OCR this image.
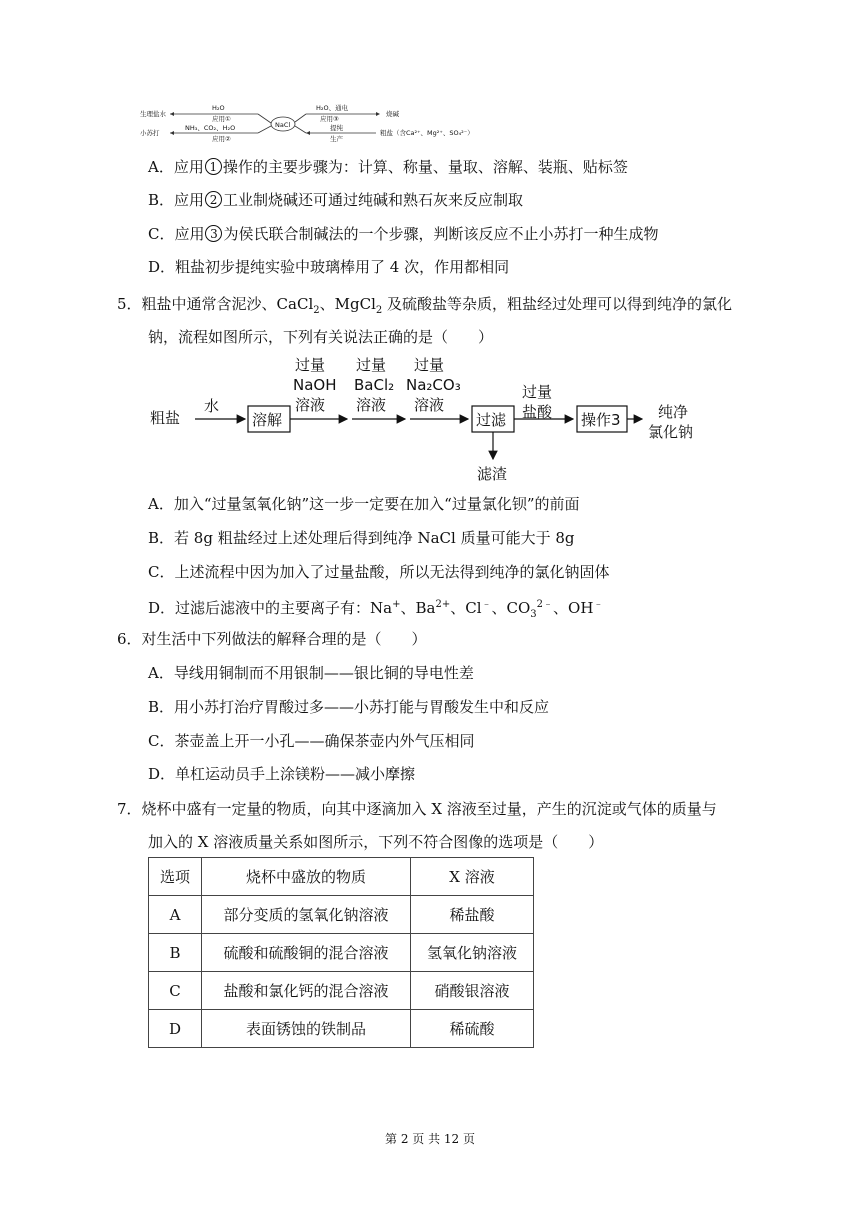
生理盐水
小苏打
H₂O
应用①
NH₃、CO₂、H₂O
应用②
NaCl
H₂O、通电
应用③
提纯
生产
烧碱
粗盐（含Ca²⁺、Mg²⁺、SO₄²⁻）
A．应用 1 操作的主要步骤为：计算、称量、量取、溶解、装瓶、贴标签
B．应用 2 工业制烧碱还可通过纯碱和熟石灰来反应制取
C．应用 3 为侯氏联合制碱法的一个步骤，判断该反应不止小苏打一种生成物
D．粗盐初步提纯实验中玻璃棒用了 4 次，作用都相同
5．粗盐中通常含泥沙、CaCl$_2$、MgCl$_2$ 及硫酸盐等杂质，粗盐经过处理可以得到纯净的氯化
钠，流程如图所示，下列有关说法正确的是（　　）
粗盐
水
溶解
过量
NaOH
溶液
过量
BaCl₂
溶液
过量
Na₂CO₃
溶液
过滤
滤渣
过量
盐酸 操作3 纯净
氯化钠
A．加入“过量氢氧化钠”这一步一定要在加入“过量氯化钡”的前面
B．若 8g 粗盐经过上述处理后得到纯净 NaCl 质量可能大于 8g
C．上述流程中因为加入了过量盐酸，所以无法得到纯净的氯化钠固体
D．过滤后滤液中的主要离子有：Na+、$Ba^{2+}$、Cl﹣、$CO_3^{2﹣}$、OH﹣
6．对生活中下列做法的解释合理的是（　　）
A．导线用铜制而不用银制——银比铜的导电性差
B．用小苏打治疗胃酸过多——小苏打能与胃酸发生中和反应
C．茶壶盖上开一小孔——确保茶壶内外气压相同
D．单杠运动员手上涂镁粉——减小摩擦
7．烧杯中盛有一定量的物质，向其中逐滴加入 X 溶液至过量，产生的沉淀或气体的质量与
加入的 X 溶液质量关系如图所示，下列不符合图像的选项是（　　）
选项	烧杯中盛放的物质	X 溶液
A	部分变质的氢氧化钠溶液	稀盐酸
B	硫酸和硫酸铜的混合溶液	氢氧化钠溶液
C	盐酸和氯化钙的混合溶液	硝酸银溶液
D	表面锈蚀的铁制品	稀硫酸
第 2 页 共 12 页
